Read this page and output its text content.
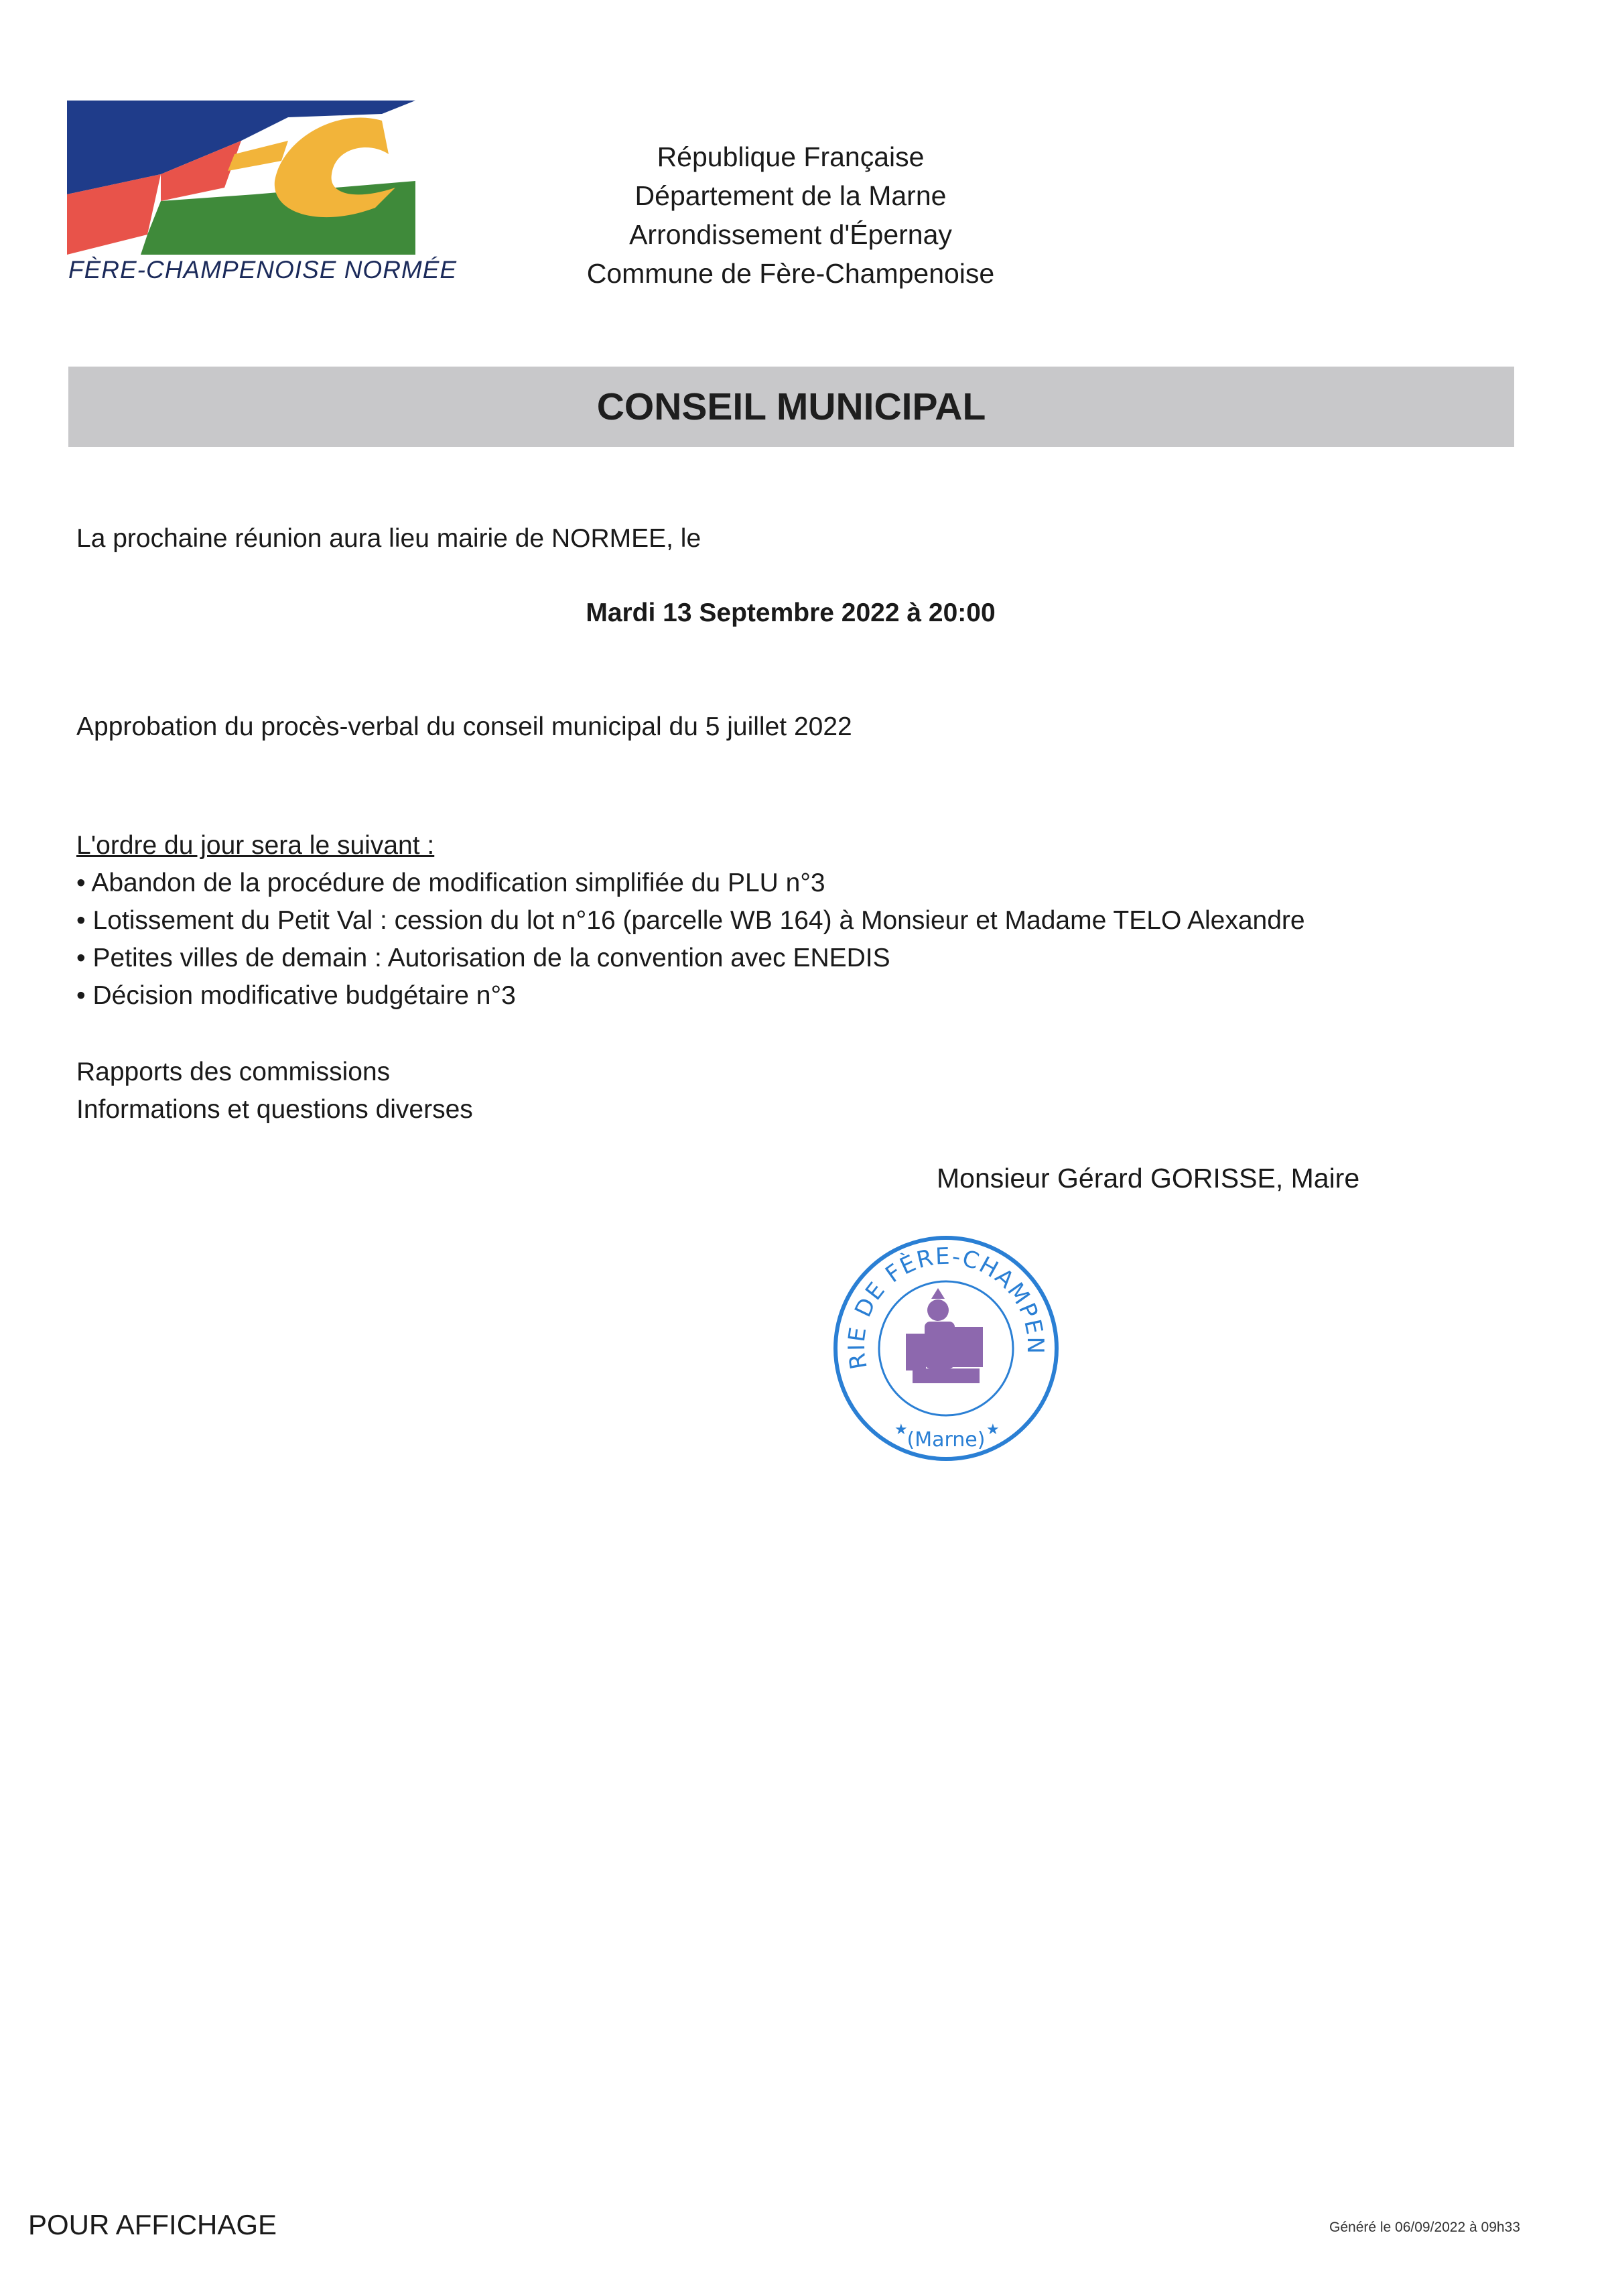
FÈRE-CHAMPENOISE NORMÉE
République Française
Département de la Marne
Arrondissement d'Épernay
Commune de Fère-Champenoise
CONSEIL MUNICIPAL
La prochaine réunion aura lieu mairie de NORMEE, le
Mardi 13 Septembre 2022 à 20:00
Approbation du procès-verbal du conseil municipal du 5 juillet 2022
L'ordre du jour sera le suivant :
• Abandon de la procédure de modification simplifiée du PLU n°3
• Lotissement du Petit Val : cession du lot n°16 (parcelle WB 164) à Monsieur et Madame TELO Alexandre
• Petites villes de demain : Autorisation de la convention avec ENEDIS
• Décision modificative budgétaire n°3
Rapports des commissions
Informations et questions diverses
Monsieur Gérard GORISSE, Maire
RIE DE FÈRE-CHAMPEN
(Marne)
★	★
POUR AFFICHAGE	Généré le 06/09/2022 à 09h33
